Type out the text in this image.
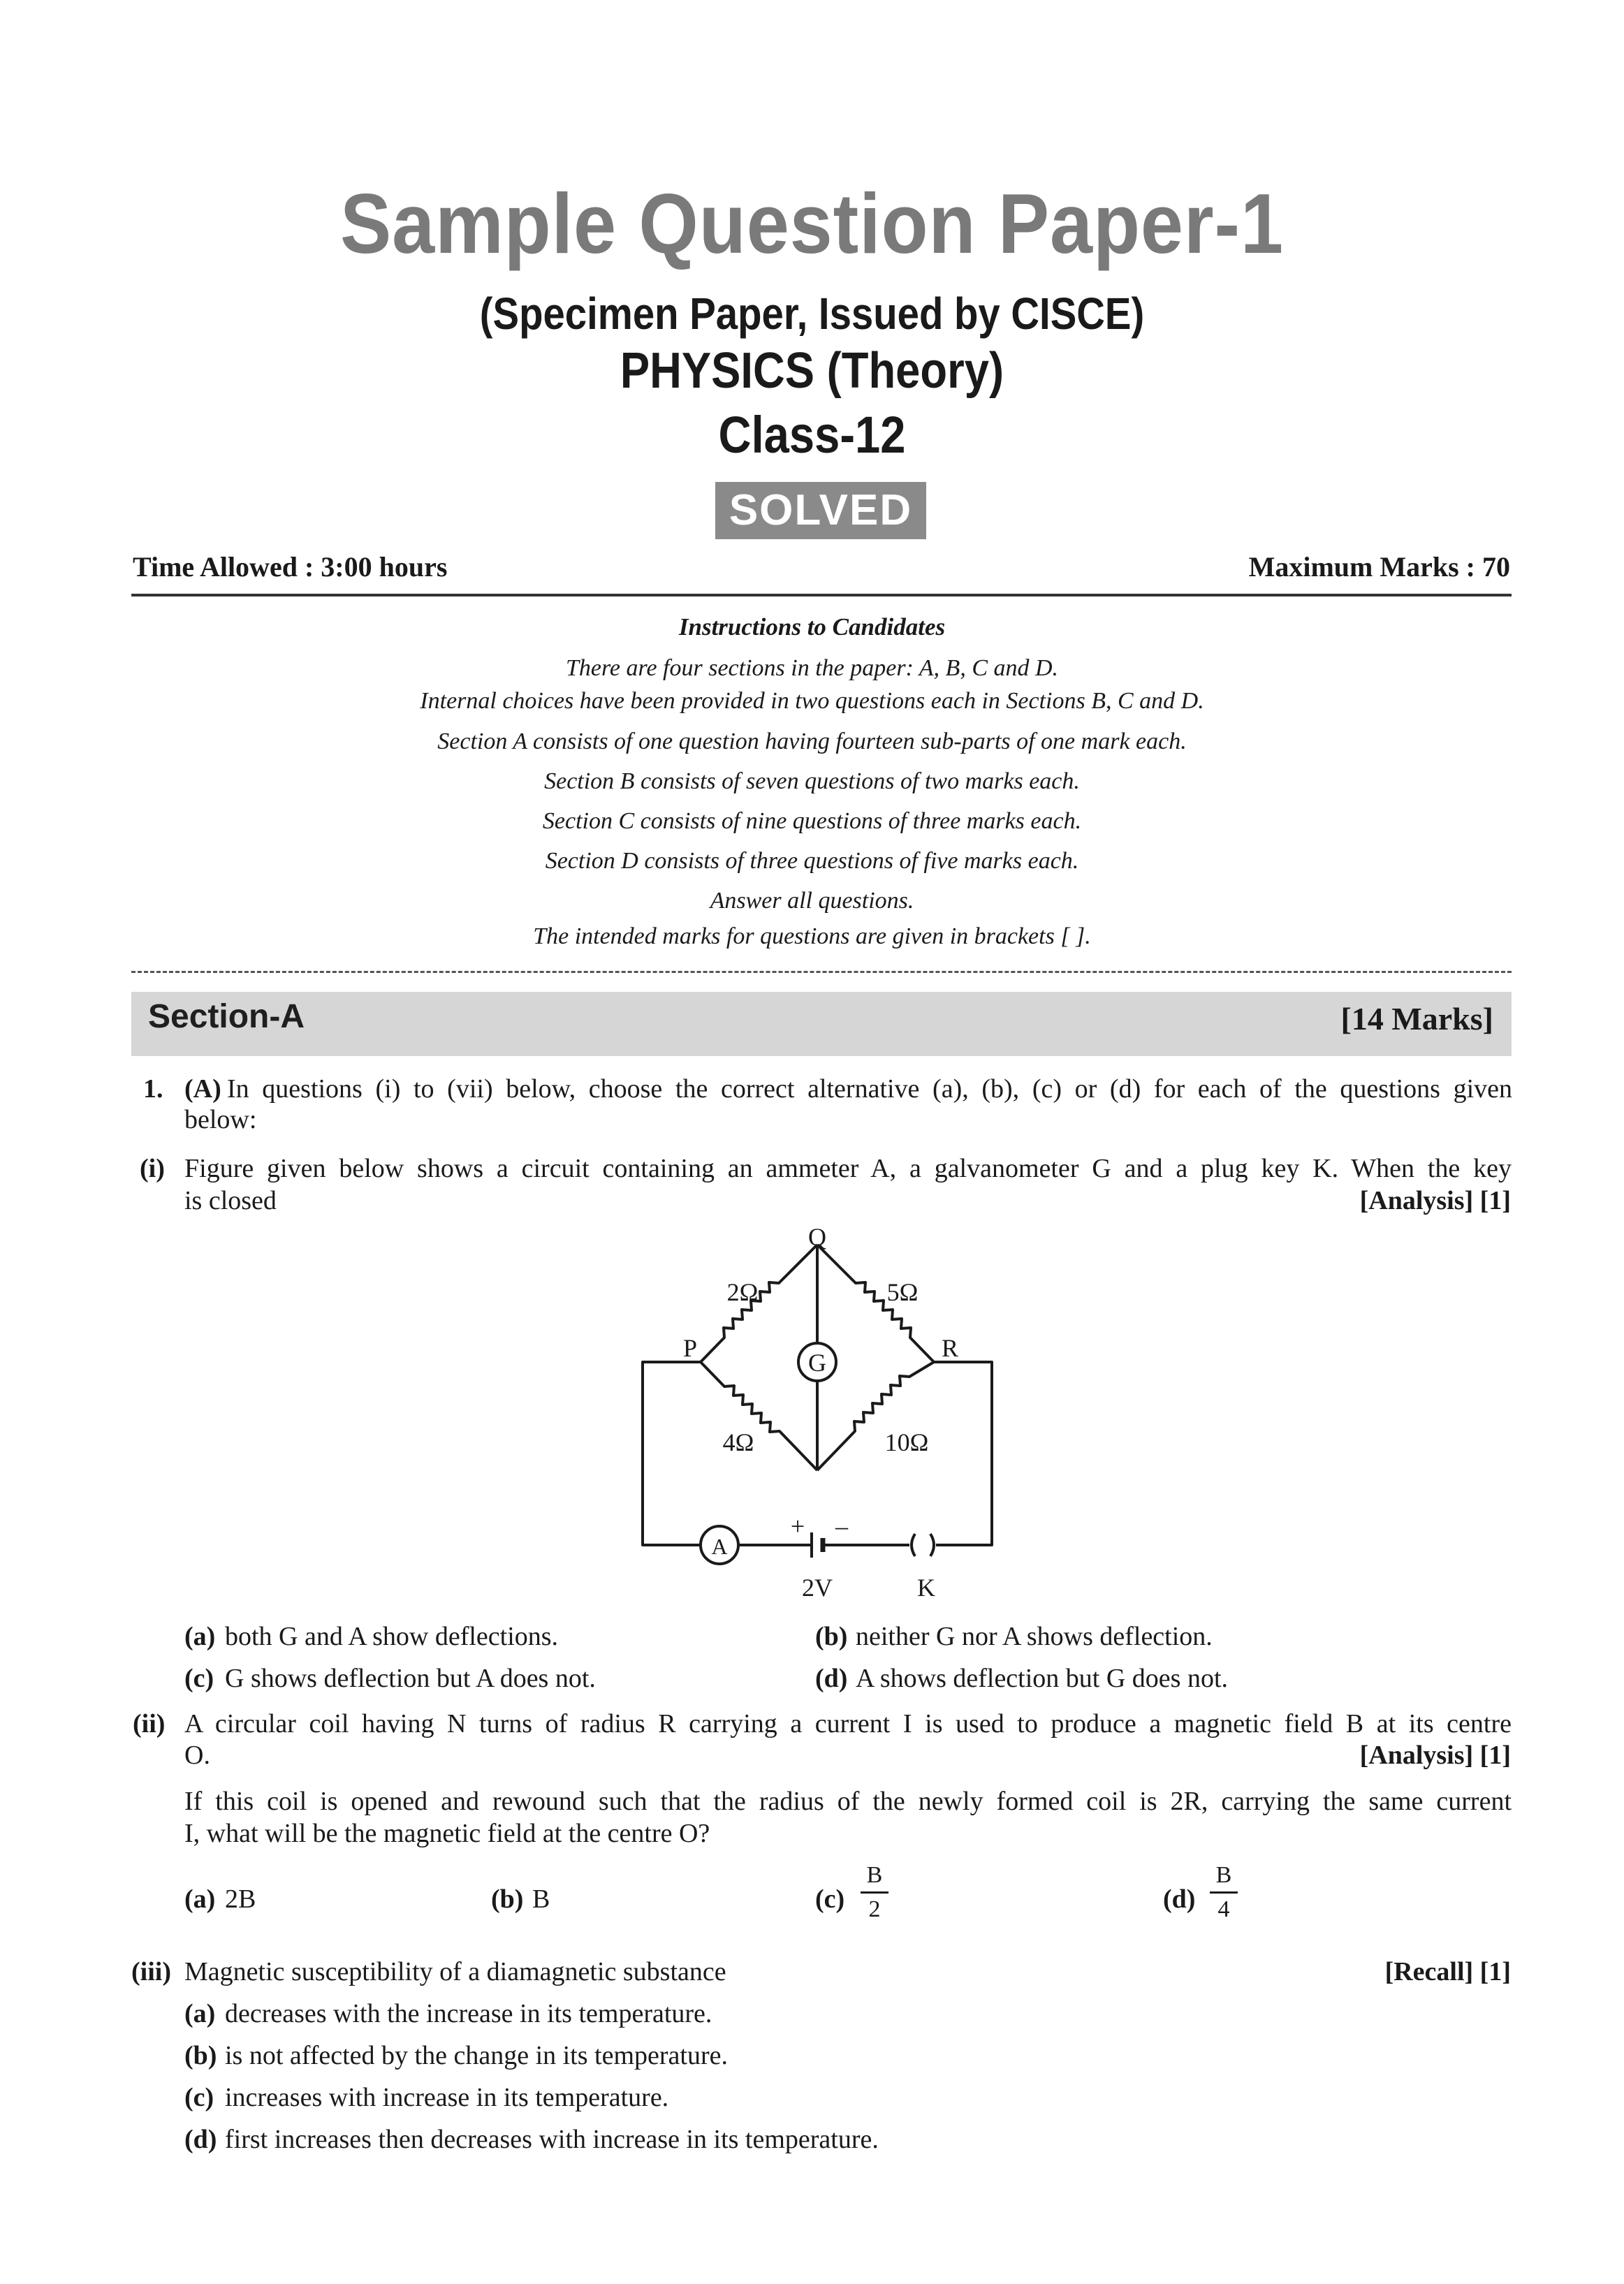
Sample Question Paper-1
(Specimen Paper, Issued by CISCE)
PHYSICS (Theory)
Class-12
SOLVED
Time Allowed : 3:00 hours	Maximum Marks : 70
Instructions to Candidates
There are four sections in the paper: A, B, C and D.
Internal choices have been provided in two questions each in Sections B, C and D.
Section A consists of one question having fourteen sub-parts of one mark each.
Section B consists of seven questions of two marks each.
Section C consists of nine questions of three marks each.
Section D consists of three questions of five marks each.
Answer all questions.
The intended marks for questions are given in brackets [ ].
Section-A	[14 Marks]
1. (A) In questions (i) to (vii) below, choose the correct alternative (a), (b), (c) or (d) for each of the questions given
below:
(i) Figure given below shows a circuit containing an ammeter A, a galvanometer G and a plug key K. When the key
is closed	[Analysis] [1]
Q
P	R
2Ω	5Ω
4Ω	10Ω
G
A
+ –
2V	K
(a) both G and A show deflections.	(b) neither G nor A shows deflection.
(c) G shows deflection but A does not.	(d) A shows deflection but G does not.
(ii) A circular coil having N turns of radius R carrying a current I is used to produce a magnetic field B at its centre
O.	[Analysis] [1]
If this coil is opened and rewound such that the radius of the newly formed coil is 2R, carrying the same current
I, what will be the magnetic field at the centre O?
(a) 2B	(b) B	(c)
B
2	(d)
B
4
(iii) Magnetic susceptibility of a diamagnetic substance	[Recall] [1]
(a) decreases with the increase in its temperature.
(b) is not affected by the change in its temperature.
(c) increases with increase in its temperature.
(d) first increases then decreases with increase in its temperature.
